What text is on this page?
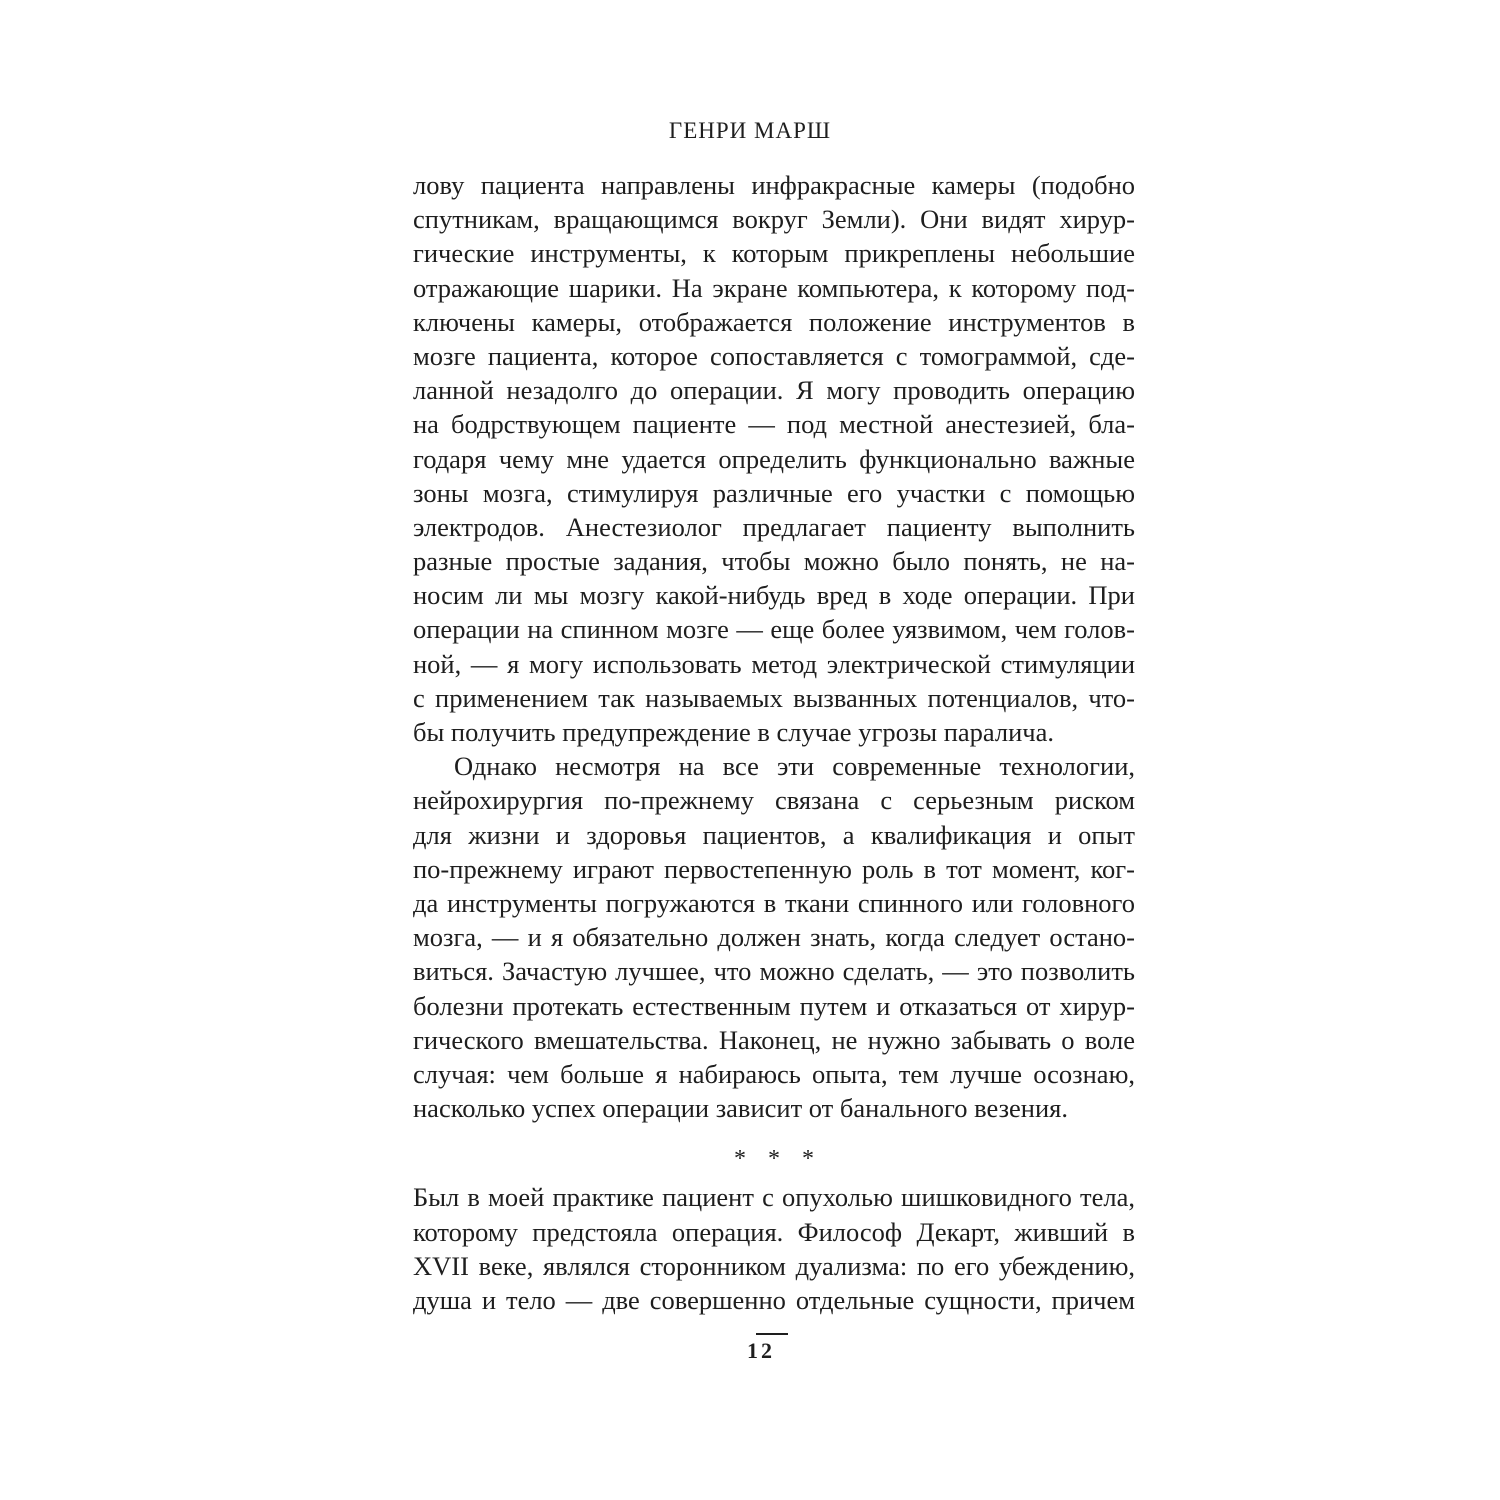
ГЕНРИ МАРШ
лову пациента направлены инфракрасные камеры (подобно
спутникам, вращающимся вокруг Земли). Они видят хирур-
гические инструменты, к которым прикреплены небольшие
отражающие шарики. На экране компьютера, к которому под-
ключены камеры, отображается положение инструментов в
мозге пациента, которое сопоставляется с томограммой, сде-
ланной незадолго до операции. Я могу проводить операцию
на бодрствующем пациенте — под местной анестезией, бла-
годаря чему мне удается определить функционально важные
зоны мозга, стимулируя различные его участки с помощью
электродов. Анестезиолог предлагает пациенту выполнить
разные простые задания, чтобы можно было понять, не на-
носим ли мы мозгу какой-нибудь вред в ходе операции. При
операции на спинном мозге — еще более уязвимом, чем голов-
ной, — я могу использовать метод электрической стимуляции
с применением так называемых вызванных потенциалов, что-
бы получить предупреждение в случае угрозы паралича.
Однако несмотря на все эти современные технологии,
нейрохирургия по-прежнему связана с серьезным риском
для жизни и здоровья пациентов, а квалификация и опыт
по-прежнему играют первостепенную роль в тот момент, ког-
да инструменты погружаются в ткани спинного или головного
мозга, — и я обязательно должен знать, когда следует остано-
виться. Зачастую лучшее, что можно сделать, — это позволить
болезни протекать естественным путем и отказаться от хирур-
гического вмешательства. Наконец, не нужно забывать о воле
случая: чем больше я набираюсь опыта, тем лучше осознаю,
насколько успех операции зависит от банального везения.
* * *
Был в моей практике пациент с опухолью шишковидного тела,
которому предстояла операция. Философ Декарт, живший в
XVII веке, являлся сторонником дуализма: по его убеждению,
душа и тело — две совершенно отдельные сущности, причем
12
